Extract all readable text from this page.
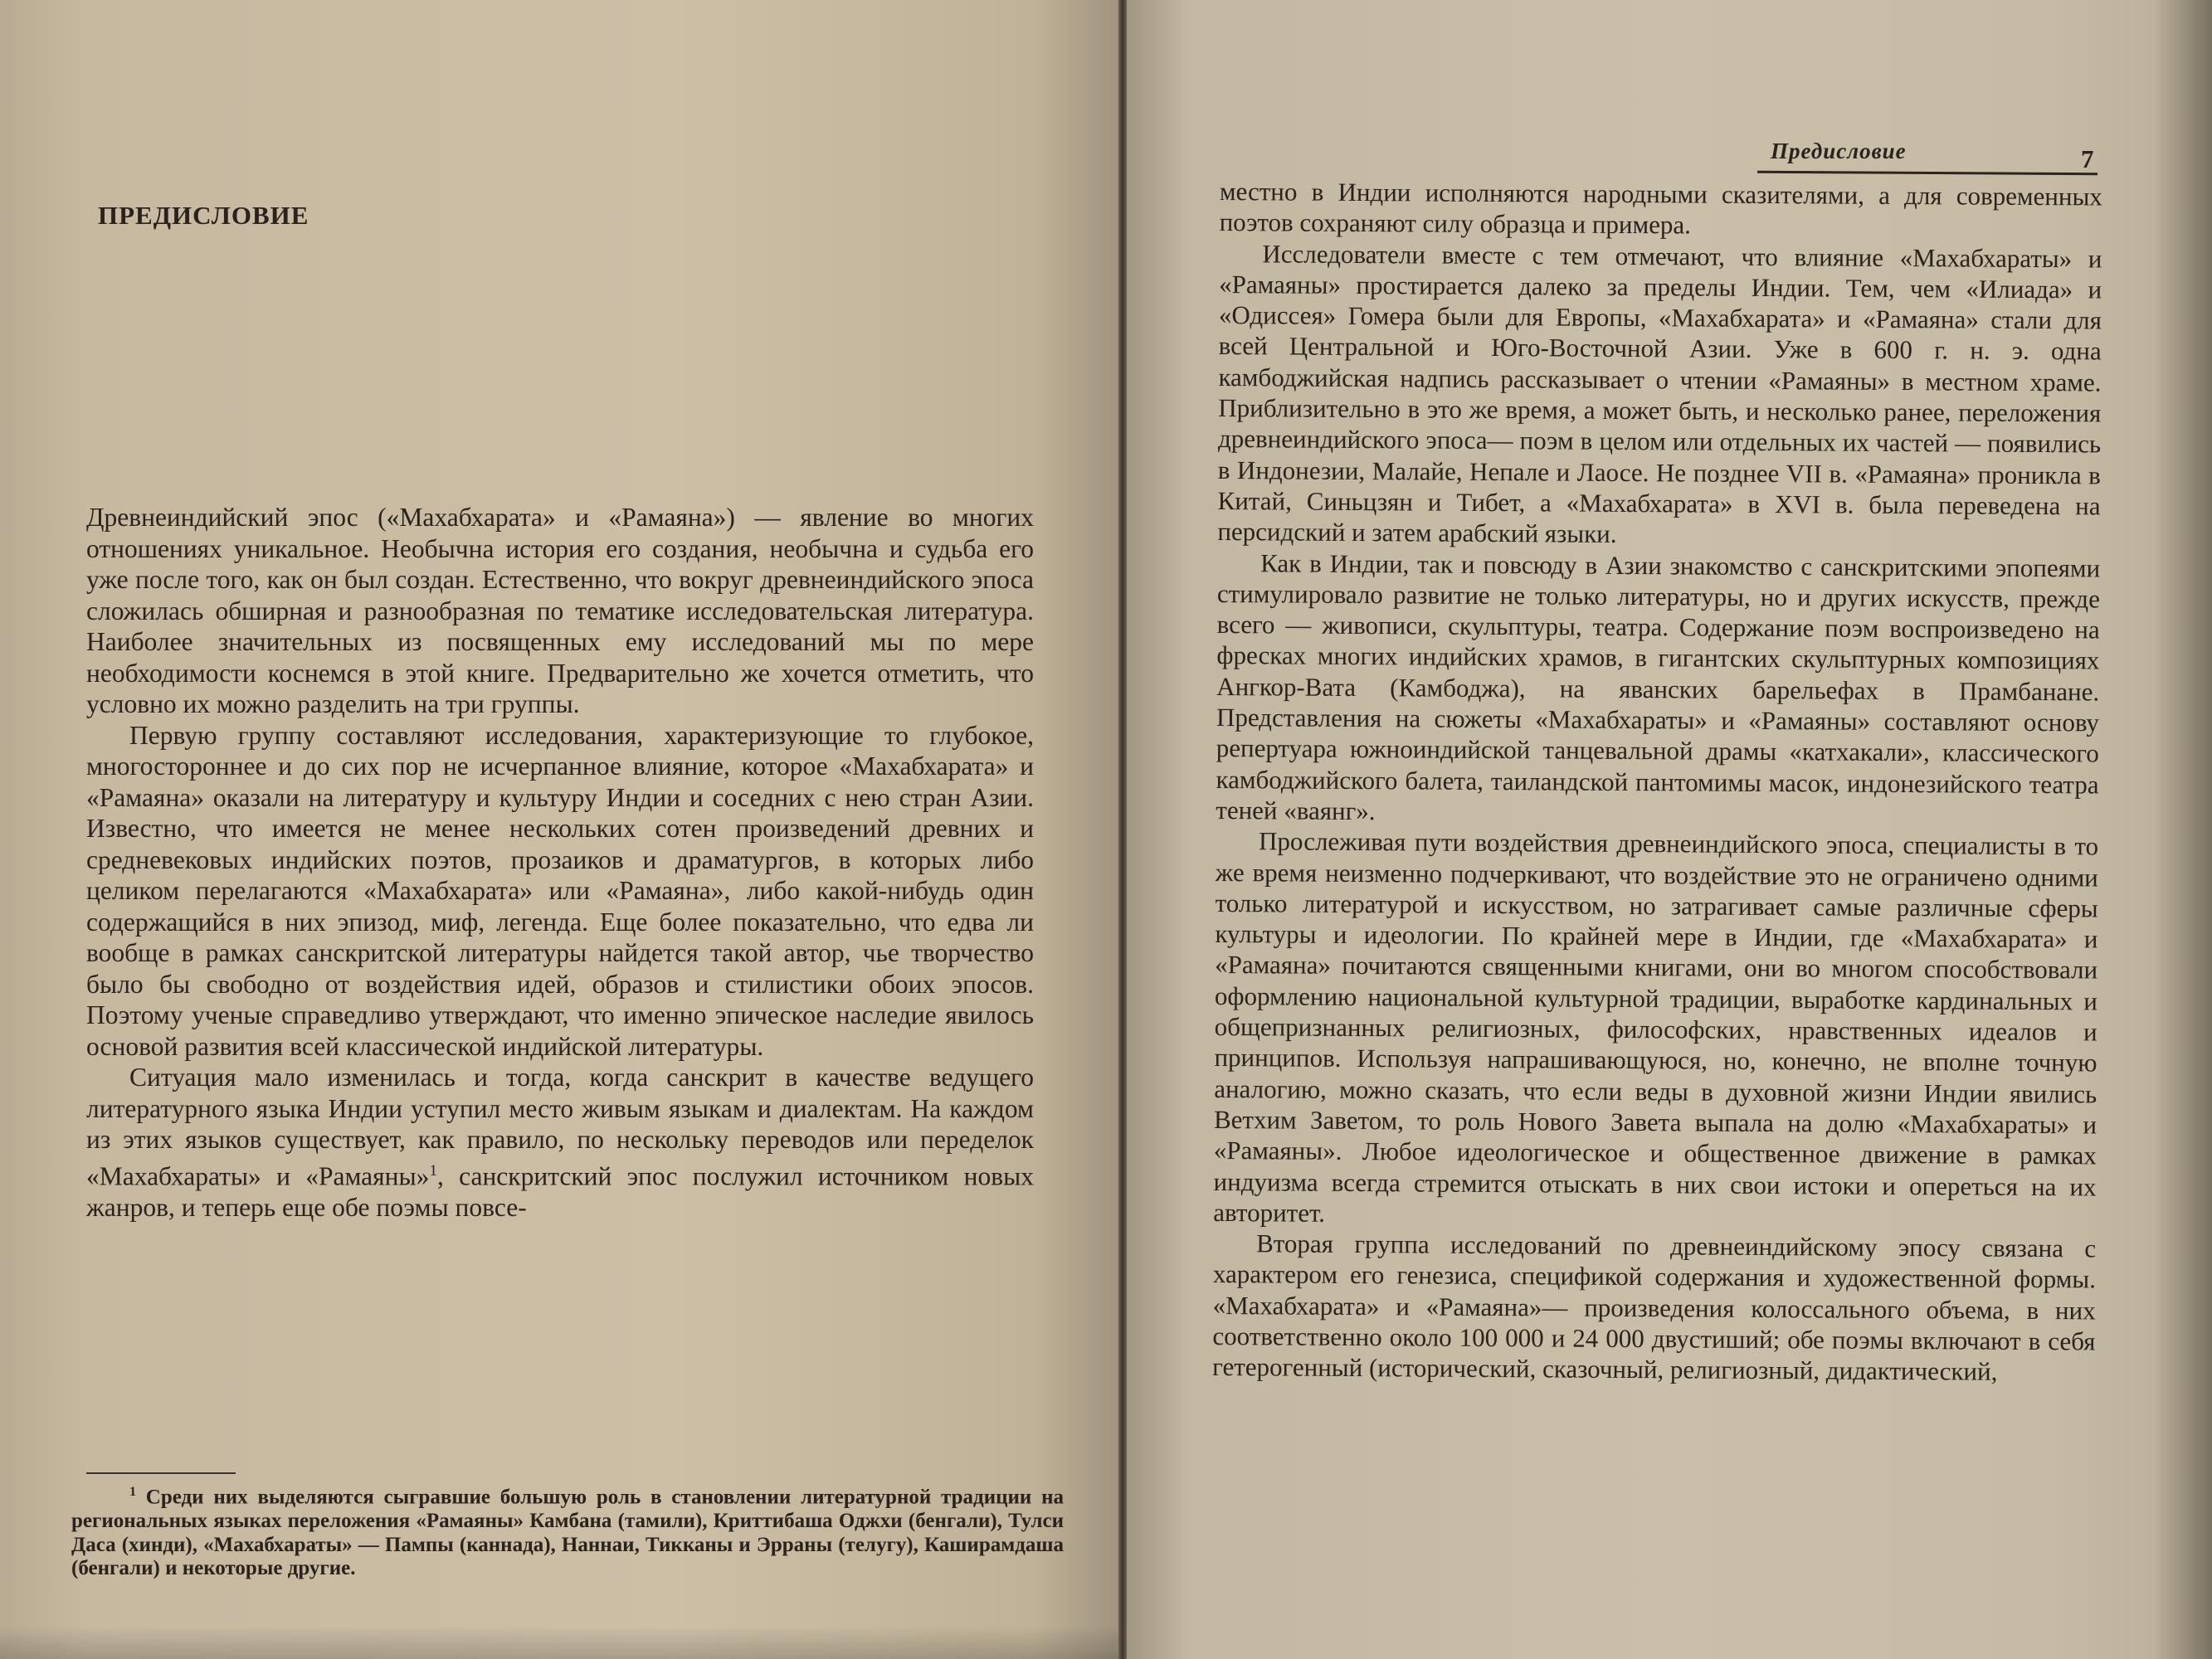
ПРЕДИСЛОВИЕ

Древнеиндийский эпос («Махабхарата» и «Рамаяна») — явление во многих отношениях уникальное. Необычна история его создания, необычна и судьба его уже после того, как он был создан. Естественно, что вокруг древнеиндийского эпоса сложилась обширная и разнообразная по тематике исследовательская литература. Наиболее значительных из посвященных ему исследований мы по мере необходимости коснемся в этой книге. Предварительно же хочется отметить, что условно их можно разделить на три группы.

Первую группу составляют исследования, характеризующие то глубокое, многостороннее и до сих пор не исчерпанное влияние, которое «Махабхарата» и «Рамаяна» оказали на литературу и культуру Индии и соседних с нею стран Азии. Известно, что имеется не менее нескольких сотен произведений древних и средневековых индийских поэтов, прозаиков и драматургов, в которых либо целиком перелагаются «Махабхарата» или «Рамаяна», либо какой-нибудь один содержащийся в них эпизод, миф, легенда. Еще более показательно, что едва ли вообще в рамках санскритской литературы найдется такой автор, чье творчество было бы свободно от воздействия идей, образов и стилистики обоих эпосов. Поэтому ученые справедливо утверждают, что именно эпическое наследие явилось основой развития всей классической индийской литературы.

Ситуация мало изменилась и тогда, когда санскрит в качестве ведущего литературного языка Индии уступил место живым языкам и диалектам. На каждом из этих языков существует, как правило, по нескольку переводов или переделок «Махабхараты» и «Рамаяны»$^1$, санскритский эпос послужил источником новых жанров, и теперь еще обе поэмы повсе-

$^1$ Среди них выделяются сыгравшие большую роль в становлении литературной традиции на региональных языках переложения «Рамаяны» Камбана (тамили), Криттибаша Оджхи (бенгали), Тулси Даса (хинди), «Махабхараты» — Пампы (каннада), Наннаи, Тикканы и Эрраны (телугу), Каширамдаша (бенгали) и некоторые другие.

Предисловие	7

местно в Индии исполняются народными сказителями, а для современных поэтов сохраняют силу образца и примера.

Исследователи вместе с тем отмечают, что влияние «Махабхараты» и «Рамаяны» простирается далеко за пределы Индии. Тем, чем «Илиада» и «Одиссея» Гомера были для Европы, «Махабхарата» и «Рамаяна» стали для всей Центральной и Юго-Восточной Азии. Уже в 600 г. н. э. одна камбоджийская надпись рассказывает о чтении «Рамаяны» в местном храме. Приблизительно в это же время, а может быть, и несколько ранее, переложения древнеиндийского эпоса— поэм в целом или отдельных их частей — появились в Индонезии, Малайе, Непале и Лаосе. Не позднее VII в. «Рамаяна» проникла в Китай, Синьцзян и Тибет, а «Махабхарата» в XVI в. была переведена на персидский и затем арабский языки.

Как в Индии, так и повсюду в Азии знакомство с санскритскими эпопеями стимулировало развитие не только литературы, но и других искусств, прежде всего — живописи, скульптуры, театра. Содержание поэм воспроизведено на фресках многих индийских храмов, в гигантских скульптурных композициях Ангкор-Вата (Камбоджа), на яванских барельефах в Прамбанане. Представления на сюжеты «Махабхараты» и «Рамаяны» составляют основу репертуара южноиндийской танцевальной драмы «катхакали», классического камбоджийского балета, таиландской пантомимы масок, индонезийского театра теней «ваянг».

Прослеживая пути воздействия древнеиндийского эпоса, специалисты в то же время неизменно подчеркивают, что воздействие это не ограничено одними только литературой и искусством, но затрагивает самые различные сферы культуры и идеологии. По крайней мере в Индии, где «Махабхарата» и «Рамаяна» почитаются священными книгами, они во многом способствовали оформлению национальной культурной традиции, выработке кардинальных и общепризнанных религиозных, философских, нравственных идеалов и принципов. Используя напрашивающуюся, но, конечно, не вполне точную аналогию, можно сказать, что если веды в духовной жизни Индии явились Ветхим Заветом, то роль Нового Завета выпала на долю «Махабхараты» и «Рамаяны». Любое идеологическое и общественное движение в рамках индуизма всегда стремится отыскать в них свои истоки и опереться на их авторитет.

Вторая группа исследований по древнеиндийскому эпосу связана с характером его генезиса, спецификой содержания и художественной формы. «Махабхарата» и «Рамаяна»— произведения колоссального объема, в них соответственно около 100 000 и 24 000 двустиший; обе поэмы включают в себя гетерогенный (исторический, сказочный, религиозный, дидактический,
